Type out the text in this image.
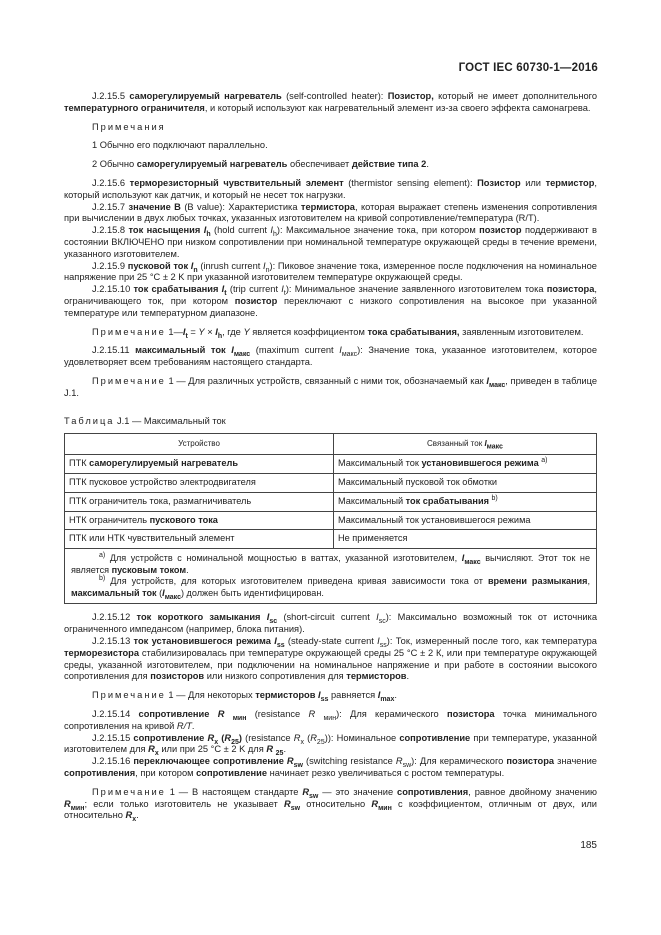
ГОСТ IEC 60730-1—2016

J.2.15.5 саморегулируемый нагреватель (self-controlled heater): Позистор, который не имеет дополнительного температурного ограничителя, и который используют как нагревательный элемент из-за своего эффекта самонагрева.

Примечания

1 Обычно его подключают параллельно.

2 Обычно саморегулируемый нагреватель обеспечивает действие типа 2.

J.2.15.6 терморезисторный чувствительный элемент (thermistor sensing element): Позистор или термистор, который используют как датчик, и который не несет ток нагрузки.

J.2.15.7 значение B (B value): Характеристика термистора, которая выражает степень изменения сопротивления при вычислении в двух любых точках, указанных изготовителем на кривой сопротивление/температура (R/T).

J.2.15.8 ток насыщения $I_h$ (hold current $I_h$): Максимальное значение тока, при котором позистор поддерживают в состоянии ВКЛЮЧЕНО при низком сопротивлении при номинальной температуре окружающей среды в течение времени, указанного изготовителем.

J.2.15.9 пусковой ток $I_n$ (inrush current $I_n$): Пиковое значение тока, измеренное после подключения на номинальное напряжение при 25 °С ± 2 K при указанной изготовителем температуре окружающей среды.

J.2.15.10 ток срабатывания $I_t$ (trip current $I_t$): Минимальное значение заявленного изготовителем тока позистора, ограничивающего ток, при котором позистор переключают с низкого сопротивления на высокое при указанной температуре или температурном диапазоне.

Примечание $1—I_t = Y \times I_h$, где Y является коэффициентом тока срабатывания, заявленным изготовителем.

J.2.15.11 максимальный ток $I_{макс}$ (maximum current $I_{макс}$): Значение тока, указанное изготовителем, которое удовлетворяет всем требованиям настоящего стандарта.

Примечание 1 — Для различных устройств, связанный с ними ток, обозначаемый как $I_{макс}$, приведен в таблице J.1.

Таблица J.1 — Максимальный ток

Устройство	Связанный ток $I_{макс}$
ПТК саморегулируемый нагреватель	Максимальный ток установившегося режима $^{a)}$
ПТК пусковое устройство электродвигателя	Максимальный пусковой ток обмотки
ПТК ограничитель тока, размагничиватель	Максимальный ток срабатывания $^{b)}$
НТК ограничитель пускового тока	Максимальный ток установившегося режима
ПТК или НТК чувствительный элемент	Не применяется

$^{a)}$ Для устройств с номинальной мощностью в ваттах, указанной изготовителем, $I_{макс}$ вычисляют. Этот ток не является пусковым током.

$^{b)}$ Для устройств, для которых изготовителем приведена кривая зависимости тока от времени размыкания, максимальный ток $(I_{макс})$ должен быть идентифицирован.	

J.2.15.12 ток короткого замыкания $I_{sc}$ (short-circuit current $I_{sc}$): Максимально возможный ток от источника ограниченного импедансом (например, блока питания).

J.2.15.13 ток установившегося режима $I_{ss}$ (steady-state current $I_{ss}$): Ток, измеренный после того, как температура терморезистора стабилизировалась при температуре окружающей среды 25 °С ± 2 К, или при температуре окружающей среды, указанной изготовителем, при подключении на номинальное напряжение и при работе в состоянии высокого сопротивления для позисторов или низкого сопротивления для термисторов.

Примечание 1 — Для некоторых термисторов $I_{ss}$ равняется $I_{max}$.

J.2.15.14 сопротивление R $_{мин}$ (resistance R $_{мин}$): Для керамического позистора точка минимального сопротивления на кривой R/T.

J.2.15.15 сопротивление $R_x$ $(R_{25})$ (resistance $R_x$ $(R_{25})$): Номинальное сопротивление при температуре, указанной изготовителем для $R_x$ или при 25 °С ± 2 K для R $_{25}$.

J.2.15.16 переключающее сопротивление $R_{sw}$ (switching resistance $R_{sw}$): Для керамического позистора значение сопротивления, при котором сопротивление начинает резко увеличиваться с ростом температуры.

Примечание 1 — В настоящем стандарте $R_{sw}$ — это значение сопротивления, равное двойному значению $R_{мин}$; если только изготовитель не указывает $R_{sw}$ относительно $R_{мин}$ с коэффициентом, отличным от двух, или относительно $R_x$.

185
